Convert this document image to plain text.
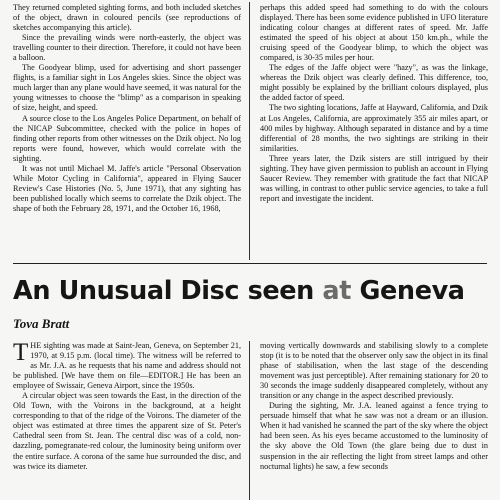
They returned completed sighting forms, and both included sketches of the object, drawn in coloured pencils (see reproductions of sketches accompanying this article).

Since the prevailing winds were north-easterly, the object was travelling counter to their direction. Therefore, it could not have been a balloon.

The Goodyear blimp, used for advertising and short passenger flights, is a familiar sight in Los Angeles skies. Since the object was much larger than any plane would have seemed, it was natural for the young witnesses to choose the "blimp" as a comparison in speaking of size, height, and speed.

A source close to the Los Angeles Police Department, on behalf of the NICAP Subcommittee, checked with the police in hopes of finding other reports from other witnesses on the Dzik object. No log reports were found, however, which would correlate with the sighting.

It was not until Michael M. Jaffe's article "Personal Observation While Motor Cycling in California", appeared in Flying Saucer Review's Case Histories (No. 5, June 1971), that any sighting has been published locally which seems to correlate the Dzik object. The shape of both the February 28, 1971, and the October 16, 1968,

perhaps this added speed had something to do with the colours displayed. There has been some evidence published in UFO literature indicating colour changes at different rates of speed. Mr. Jaffe estimated the speed of his object at about 150 km.ph., while the cruising speed of the Goodyear blimp, to which the object was compared, is 30-35 miles per hour.

The edges of the Jaffe object were "hazy", as was the linkage, whereas the Dzik object was clearly defined. This difference, too, might possibly be explained by the brilliant colours displayed, plus the added factor of speed.

The two sighting locations, Jaffe at Hayward, California, and Dzik at Los Angeles, California, are approximately 355 air miles apart, or 400 miles by highway. Although separated in distance and by a time differential of 28 months, the two sightings are striking in their similarities.

Three years later, the Dzik sisters are still intrigued by their sighting. They have given permission to publish an account in Flying Saucer Review. They remember with gratitude the fact that NICAP was willing, in contrast to other public service agencies, to take a full report and investigate the incident.

An Unusual Disc seen at Geneva
Tova Bratt

THE sighting was made at Saint-Jean, Geneva, on September 21, 1970, at 9.15 p.m. (local time). The witness will be referred to as Mr. J.A. as he requests that his name and address should not be published. [We have them on file—EDITOR.] He has been an employee of Swissair, Geneva Airport, since the 1950s.

A circular object was seen towards the East, in the direction of the Old Town, with the Voirons in the background, at a height corresponding to that of the ridge of the Voirons. The diameter of the object was estimated at three times the apparent size of St. Peter's Cathedral seen from St. Jean. The central disc was of a cold, non-dazzling, pomegranate-red colour, the luminosity being uniform over the entire surface. A corona of the same hue surrounded the disc, and was twice its diameter.

moving vertically downwards and stabilising slowly to a complete stop (it is to be noted that the observer only saw the object in its final phase of stabilisation, when the last stage of the descending movement was just perceptible). After remaining stationary for 20 to 30 seconds the image suddenly disappeared completely, without any transition or any change in the aspect described previously.

During the sighting, Mr. J.A. leaned against a fence trying to persuade himself that what he saw was not a dream or an illusion. When it had vanished he scanned the part of the sky where the object had been seen. As his eyes became accustomed to the luminosity of the sky above the Old Town (the glare being due to dust in suspension in the air reflecting the light from street lamps and other nocturnal lights) he saw, a few seconds
